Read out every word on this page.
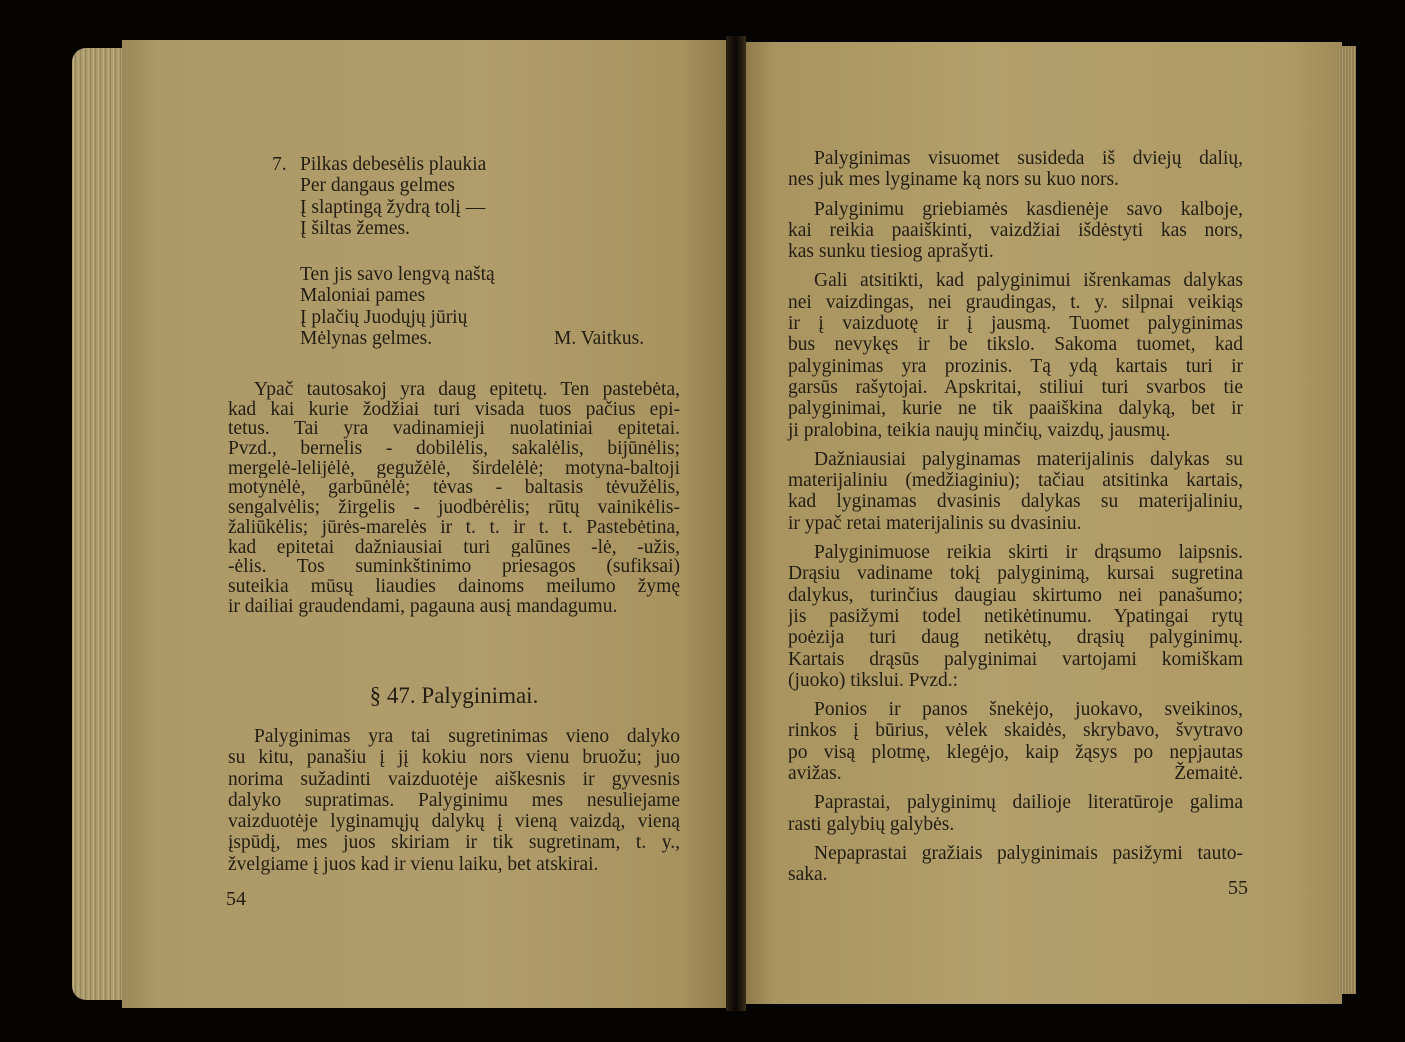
7. Pilkas debesėlis plaukia
Per dangaus gelmes
Į slaptingą žydrą tolį —
Į šiltas žemes.
Ten jis savo lengvą naštą
Maloniai pames
Į plačių Juodųjų jūrių
Mėlynas gelmes.	M. Vaitkus.
Ypač tautosakoj yra daug epitetų. Ten pastebėta,
kad kai kurie žodžiai turi visada tuos pačius epi-
tetus. Tai yra vadinamieji nuolatiniai epitetai.
Pvzd., bernelis - dobilėlis, sakalėlis, bijūnėlis;
mergelė-lelijėlė, gegužėlė, širdelėlė; motyna-baltoji
motynėlė, garbūnėlė; tėvas - baltasis tėvužėlis,
sengalvėlis; žirgelis - juodbėrėlis; rūtų vainikėlis-
žaliūkėlis; jūrės-marelės ir t. t. ir t. t. Pastebėtina,
kad epitetai dažniausiai turi galūnes -lė, -užis,
-ėlis. Tos suminkštinimo priesagos (sufiksai)
suteikia mūsų liaudies dainoms meilumo žymę
ir dailiai graudendami, pagauna ausį mandagumu.
§ 47. Palyginimai.
Palyginimas yra tai sugretinimas vieno dalyko
su kitu, panašiu į jį kokiu nors vienu bruožu; juo
norima sužadinti vaizduotėje aiškesnis ir gyvesnis
dalyko supratimas. Palyginimu mes nesuliejame
vaizduotėje lyginamųjų dalykų į vieną vaizdą, vieną
įspūdį, mes juos skiriam ir tik sugretinam, t. y.,
žvelgiame į juos kad ir vienu laiku, bet atskirai.
54
Palyginimas visuomet susideda iš dviejų dalių,
nes juk mes lyginame ką nors su kuo nors.
Palyginimu griebiamės kasdienėje savo kalboje,
kai reikia paaiškinti, vaizdžiai išdėstyti kas nors,
kas sunku tiesiog aprašyti.
Gali atsitikti, kad palyginimui išrenkamas dalykas
nei vaizdingas, nei graudingas, t. y. silpnai veikiąs
ir į vaizduotę ir į jausmą. Tuomet palyginimas
bus nevykęs ir be tikslo. Sakoma tuomet, kad
palyginimas yra prozinis. Tą ydą kartais turi ir
garsūs rašytojai. Apskritai, stiliui turi svarbos tie
palyginimai, kurie ne tik paaiškina dalyką, bet ir
ji pralobina, teikia naujų minčių, vaizdų, jausmų.
Dažniausiai palyginamas materijalinis dalykas su
materijaliniu (medžiaginiu); tačiau atsitinka kartais,
kad lyginamas dvasinis dalykas su materijaliniu,
ir ypač retai materijalinis su dvasiniu.
Palyginimuose reikia skirti ir drąsumo laipsnis.
Drąsiu vadiname tokį palyginimą, kursai sugretina
dalykus, turinčius daugiau skirtumo nei panašumo;
jis pasižymi todel netikėtinumu. Ypatingai rytų
poėzija turi daug netikėtų, drąsių palyginimų.
Kartais drąsūs palyginimai vartojami komiškam
(juoko) tikslui. Pvzd.:
Ponios ir panos šnekėjo, juokavo, sveikinos,
rinkos į būrius, vėlek skaidės, skrybavo, švytravo
po visą plotmę, klegėjo, kaip žąsys po nepjautas
avižas.	Žemaitė.
Paprastai, palyginimų dailioje literatūroje galima
rasti galybių galybės.
Nepaprastai gražiais palyginimais pasižymi tauto-
saka.
55
